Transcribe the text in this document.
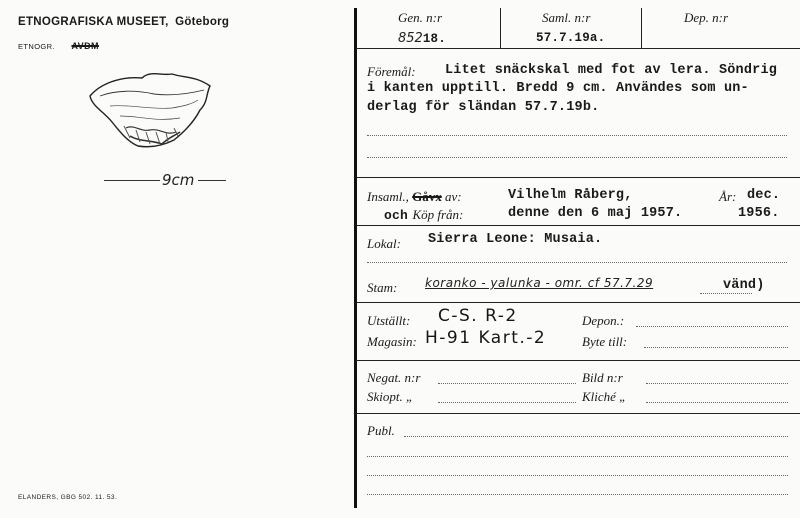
ETNOGRAFISKA MUSEET, Göteborg
ETNOGR. AVDM
9cm
ELANDERS, GBG 502. 11. 53.
Gen. n:r
85218.
Saml. n:r
57.7.19a.
Dep. n:r
Föremål: Litet snäckskal med fot av lera. Söndrig
i kanten upptill. Bredd 9 cm. Användes som un-
derlag för sländan 57.7.19b.
Insaml., Gåvx av:	Vilhelm Råberg,	År: dec.
och Köp från:	denne den 6 maj 1957.	1956.
Lokal: Sierra Leone: Musaia.
Stam: koranko - yalunka - omr. cf 57.7.29	vänd)
Utställt: C-S. R-2	Depon.:
Magasin: H-91 Kart.-2	Byte till:
Negat. n:r	Bild n:r
Skiopt. „	Kliché „
Publ.
